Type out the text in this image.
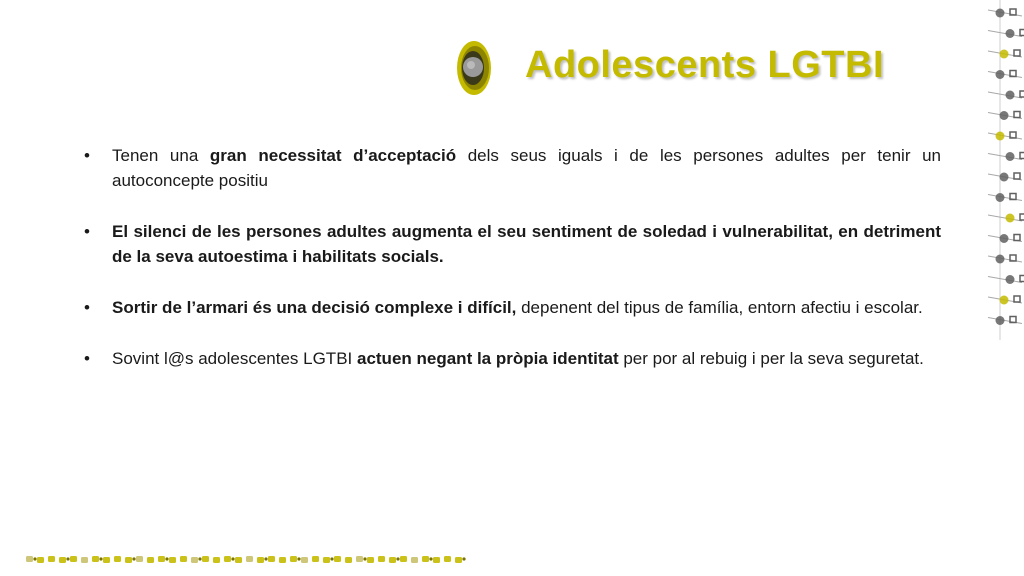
Adolescents LGTBI
• Tenen una gran necessitat d’acceptació dels seus iguals i de les persones adultes per tenir un autoconcepte positiu
• El silenci de les persones adultes augmenta el seu sentiment de soledad i vulnerabilitat, en detriment de la seva autoestima i habilitats socials.
• Sortir de l’armari és una decisió complexe i difícil, depenent del tipus de família, entorn afectiu i escolar.
• Sovint l@s adolescentes LGTBI actuen negant la pròpia identitat per por al rebuig i per la seva seguretat.
